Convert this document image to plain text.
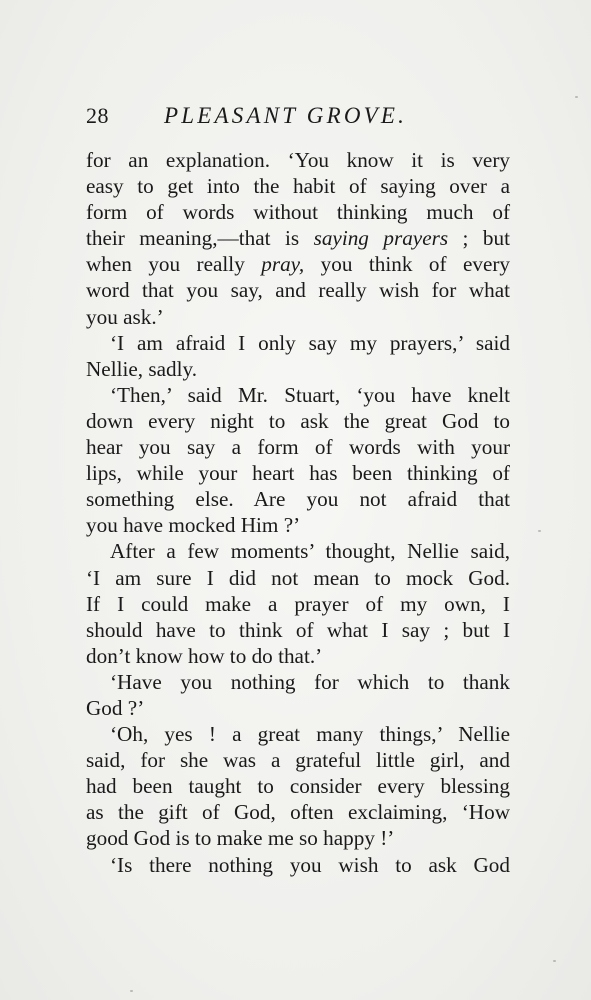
28 PLEASANT GROVE.
for an explanation. ‘You know it is very
easy to get into the habit of saying over a
form of words without thinking much of
their meaning,—that is saying prayers ; but
when you really pray, you think of every
word that you say, and really wish for what
you ask.’
‘I am afraid I only say my prayers,’ said
Nellie, sadly.
‘Then,’ said Mr. Stuart, ‘you have knelt
down every night to ask the great God to
hear you say a form of words with your
lips, while your heart has been thinking of
something else. Are you not afraid that
you have mocked Him ?’
After a few moments’ thought, Nellie said,
‘I am sure I did not mean to mock God.
If I could make a prayer of my own, I
should have to think of what I say ; but I
don’t know how to do that.’
‘Have you nothing for which to thank
God ?’
‘Oh, yes ! a great many things,’ Nellie
said, for she was a grateful little girl, and
had been taught to consider every blessing
as the gift of God, often exclaiming, ‘How
good God is to make me so happy !’
‘Is there nothing you wish to ask God
